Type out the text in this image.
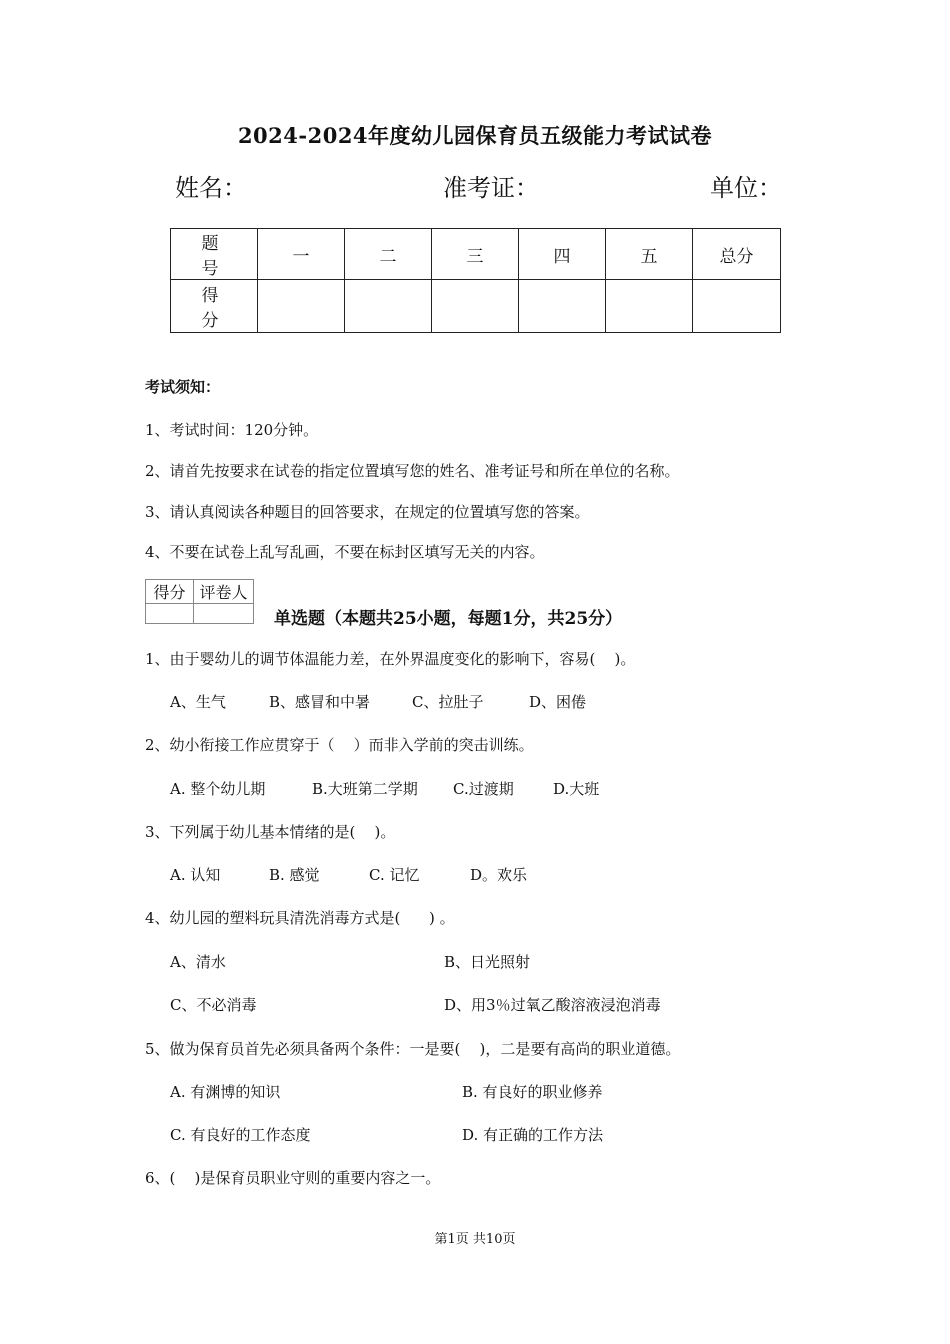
2024-2024年度幼儿园保育员五级能力考试试卷
姓名：	准考证：	单位：
题 号	一	二	三	四	五	总分
得 分						
考试须知：
1、考试时间：120分钟。
2、请首先按要求在试卷的指定位置填写您的姓名、准考证号和所在单位的名称。
3、请认真阅读各种题目的回答要求，在规定的位置填写您的答案。
4、不要在试卷上乱写乱画，不要在标封区填写无关的内容。
得分	评卷人

单选题（本题共25小题，每题1分，共25分）
1、由于婴幼儿的调节体温能力差，在外界温度变化的影响下，容易(    )。
A、生气	B、感冒和中暑	C、拉肚子	D、困倦
2、幼小衔接工作应贯穿于（    ）而非入学前的突击训练。
A. 整个幼儿期	B.大班第二学期 C.过渡期	D.大班
3、下列属于幼儿基本情绪的是(    )。
A. 认知	B. 感觉	C. 记忆	D。欢乐
4、幼儿园的塑料玩具清洗消毒方式是(      ) 。
A、清水	B、日光照射
C、不必消毒	D、用3％过氧乙酸溶液浸泡消毒
5、做为保育员首先必须具备两个条件：一是要(    )，二是要有高尚的职业道德。
A. 有渊博的知识	B. 有良好的职业修养
C. 有良好的工作态度	D. 有正确的工作方法
6、(    )是保育员职业守则的重要内容之一。
第1页 共10页
